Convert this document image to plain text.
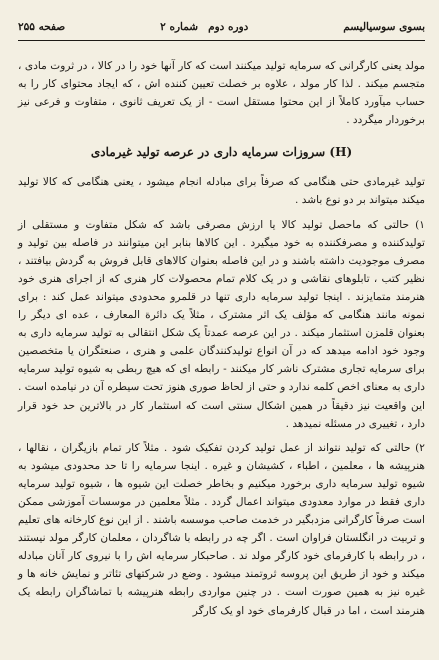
بسوی سوسیالیسم
دوره دوم
شماره ۲
صفحه ۲۵۵

مولد یعنی کارگرانی که سرمایه تولید میکنند است که کار آنها خود را در کالا ، در ثروت مادی ، متجسم میکند . لذا کار مولد ، علاوه بر خصلت تعیین کننده اش ، که ایجاد محتوای کار را به حساب میآورد کاملاً از این محتوا مستقل است - از یک تعریف ثانوی ، متفاوت و فرعی نیز برخوردار میگردد .

(H) سروزات سرمایه داری در عرصه تولید غیرمادی

تولید غیرمادی حتی هنگامی که صرفاً برای مبادله انجام میشود ، یعنی هنگامی که کالا تولید میکند میتواند بر دو نوع باشد .

۱) حالتی که ماحصل تولید کالا یا ارزش مصرفی باشد که شکل متفاوت و مستقلی از تولیدکننده و مصرفکننده به خود میگیرد . این کالاها بنابر این میتوانند در فاصله بین تولید و مصرف موجودیت داشته باشند و در این فاصله بعنوان کالاهای قابل فروش به گردش بیافتند ، نظیر کتب ، تابلوهای نقاشی و در یک کلام تمام محصولات کار هنری که از اجرای هنری خود هنرمند متمایزند . اینجا تولید سرمایه داری تنها در قلمرو محدودی میتواند عمل کند : برای نمونه مانند هنگامی که مؤلف یک اثر مشترک ، مثلاً یک دائرة المعارف ، عده ای دیگر را بعنوان قلمزن استثمار میکند . در این عرصه عمدتاً یک شکل انتقالی به تولید سرمایه داری به وجود خود ادامه میدهد که در آن انواع تولیدکنندگان علمی و هنری ، صنعتگران یا متخصصین برای سرمایه تجاری مشترک ناشر کار میکنند - رابطه ای که هیچ ربطی به شیوه تولید سرمایه داری به معنای اخص کلمه ندارد و حتی از لحاظ صوری هنوز تحت سیطره آن در نیامده است . این واقعیت نیز دقیقاً در همین اشکال سنتی است که استثمار کار در بالاترین حد خود قرار دارد ، تغییری در مسئله نمیدهد .

۲) حالتی که تولید نتواند از عمل تولید کردن تفکیک شود . مثلاً کار تمام بازیگران ، نقالها ، هنرپیشه ها ، معلمین ، اطباء ، کشیشان و غیره . اینجا سرمایه را تا حد محدودی میشود به شیوه تولید سرمایه داری برخورد میکنیم و بخاطر خصلت این شیوه ها ، شیوه تولید سرمایه داری فقط در موارد معدودی میتواند اعمال گردد . مثلاً معلمین در موسسات آموزشی ممکن است صرفاً کارگرانی مزدبگیر در خدمت صاحب موسسه باشند . از این نوع کارخانه های تعلیم و تربیت در انگلستان فراوان است . اگر چه در رابطه با شاگردان ، معلمان کارگر مولد نیستند ، در رابطه با کارفرمای خود کارگر مولد ند . صاحبکار سرمایه اش را با نیروی کار آنان مبادله میکند و خود از طریق این پروسه ثروتمند میشود . وضع در شرکتهای تئاتر و نمایش خانه ها و غیره نیز به همین صورت است . در چنین مواردی رابطه هنرپیشه با تماشاگران رابطه یک هنرمند است ، اما در قبال کارفرمای خود او یک کارگر
